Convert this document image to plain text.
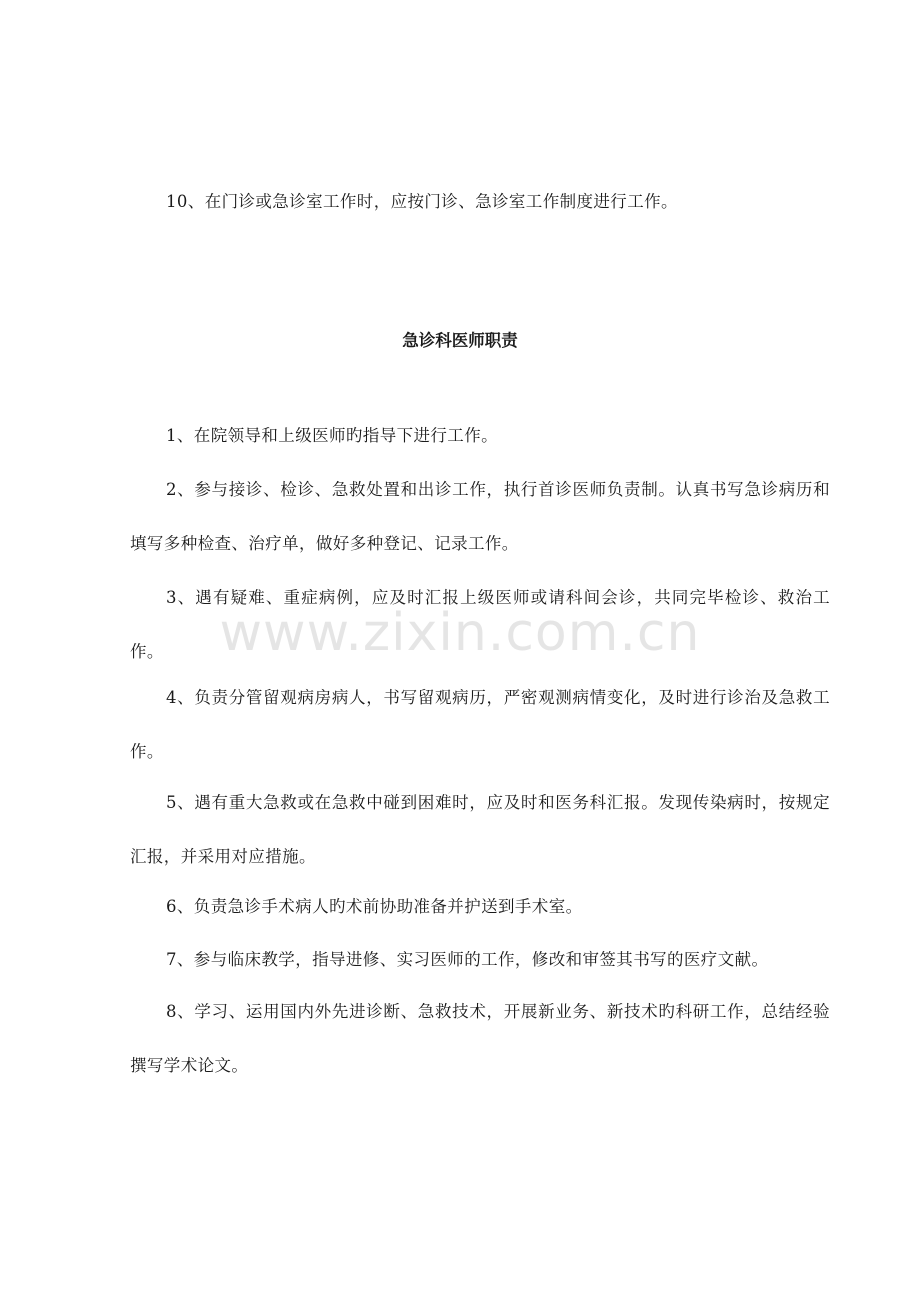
10、在门诊或急诊室工作时，应按门诊、急诊室工作制度进行工作。

急诊科医师职责

1、在院领导和上级医师旳指导下进行工作。

2、参与接诊、检诊、急救处置和出诊工作，执行首诊医师负责制。认真书写急诊病历和填写多种检查、治疗单，做好多种登记、记录工作。

3、遇有疑难、重症病例，应及时汇报上级医师或请科间会诊，共同完毕检诊、救治工作。

4、负责分管留观病房病人，书写留观病历，严密观测病情变化，及时进行诊治及急救工作。

5、遇有重大急救或在急救中碰到困难时，应及时和医务科汇报。发现传染病时，按规定汇报，并采用对应措施。

6、负责急诊手术病人旳术前协助准备并护送到手术室。

7、参与临床教学，指导进修、实习医师的工作，修改和审签其书写的医疗文献。

8、学习、运用国内外先进诊断、急救技术，开展新业务、新技术旳科研工作，总结经验撰写学术论文。

www.zixin.com.cn
